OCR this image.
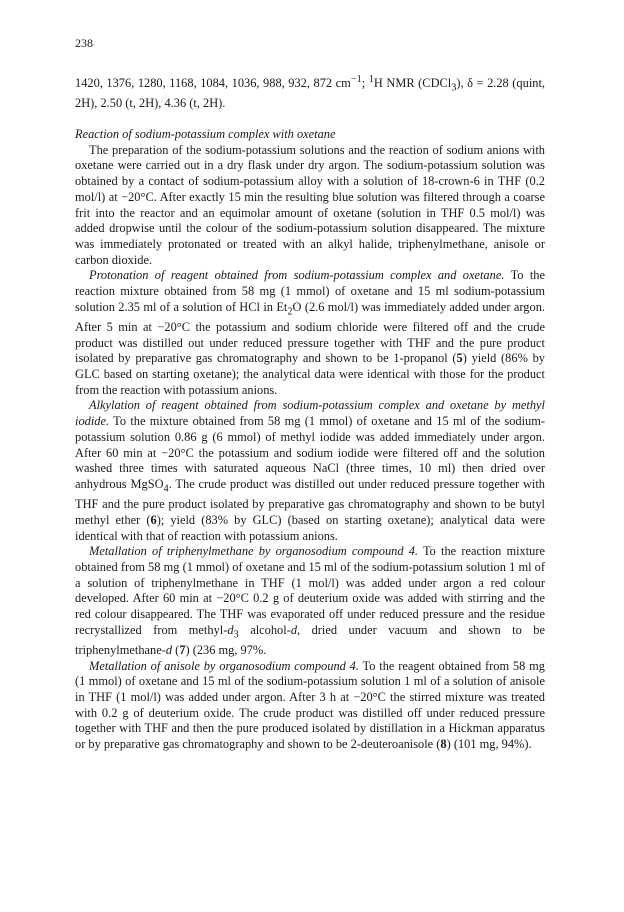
238

1420, 1376, 1280, 1168, 1084, 1036, 988, 932, 872 $cm^{-1}$; $^1$H NMR (CDCl$_3$), δ = 2.28 (quint, 2H), 2.50 (t, 2H), 4.36 (t, 2H).

Reaction of sodium-potassium complex with oxetane

The preparation of the sodium-potassium solutions and the reaction of sodium anions with oxetane were carried out in a dry flask under dry argon. The sodium-potassium solution was obtained by a contact of sodium-potassium alloy with a solution of 18-crown-6 in THF (0.2 mol/l) at −20°C. After exactly 15 min the resulting blue solution was filtered through a coarse frit into the reactor and an equimolar amount of oxetane (solution in THF 0.5 mol/l) was added dropwise until the colour of the sodium-potassium solution disappeared. The mixture was immediately protonated or treated with an alkyl halide, triphenylmethane, anisole or carbon dioxide.

Protonation of reagent obtained from sodium-potassium complex and oxetane. To the reaction mixture obtained from 58 mg (1 mmol) of oxetane and 15 ml sodium-potassium solution 2.35 ml of a solution of HCl in $Et_2O$ (2.6 mol/l) was immediately added under argon. After 5 min at −20°C the potassium and sodium chloride were filtered off and the crude product was distilled out under reduced pressure together with THF and the pure product isolated by preparative gas chromatography and shown to be 1-propanol (5) yield (86% by GLC based on starting oxetane); the analytical data were identical with those for the product from the reaction with potassium anions.

Alkylation of reagent obtained from sodium-potassium complex and oxetane by methyl iodide. To the mixture obtained from 58 mg (1 mmol) of oxetane and 15 ml of the sodium-potassium solution 0.86 g (6 mmol) of methyl iodide was added immediately under argon. After 60 min at −20°C the potassium and sodium iodide were filtered off and the solution washed three times with saturated aqueous NaCl (three times, 10 ml) then dried over anhydrous MgSO$_4$. The crude product was distilled out under reduced pressure together with THF and the pure product isolated by preparative gas chromatography and shown to be butyl methyl ether (6); yield (83% by GLC) (based on starting oxetane); analytical data were identical with that of reaction with potassium anions.

Metallation of triphenylmethane by organosodium compound 4. To the reaction mixture obtained from 58 mg (1 mmol) of oxetane and 15 ml of the sodium-potassium solution 1 ml of a solution of triphenylmethane in THF (1 mol/l) was added under argon a red colour developed. After 60 min at −20°C 0.2 g of deuterium oxide was added with stirring and the red colour disappeared. The THF was evaporated off under reduced pressure and the residue recrystallized from methyl-$d_3$ alcohol-d, dried under vacuum and shown to be triphenylmethane-d (7) (236 mg, 97%.

Metallation of anisole by organosodium compound 4. To the reagent obtained from 58 mg (1 mmol) of oxetane and 15 ml of the sodium-potassium solution 1 ml of a solution of anisole in THF (1 mol/l) was added under argon. After 3 h at −20°C the stirred mixture was treated with 0.2 g of deuterium oxide. The crude product was distilled off under reduced pressure together with THF and then the pure produced isolated by distillation in a Hickman apparatus or by preparative gas chromatography and shown to be 2-deuteroanisole (8) (101 mg, 94%).
